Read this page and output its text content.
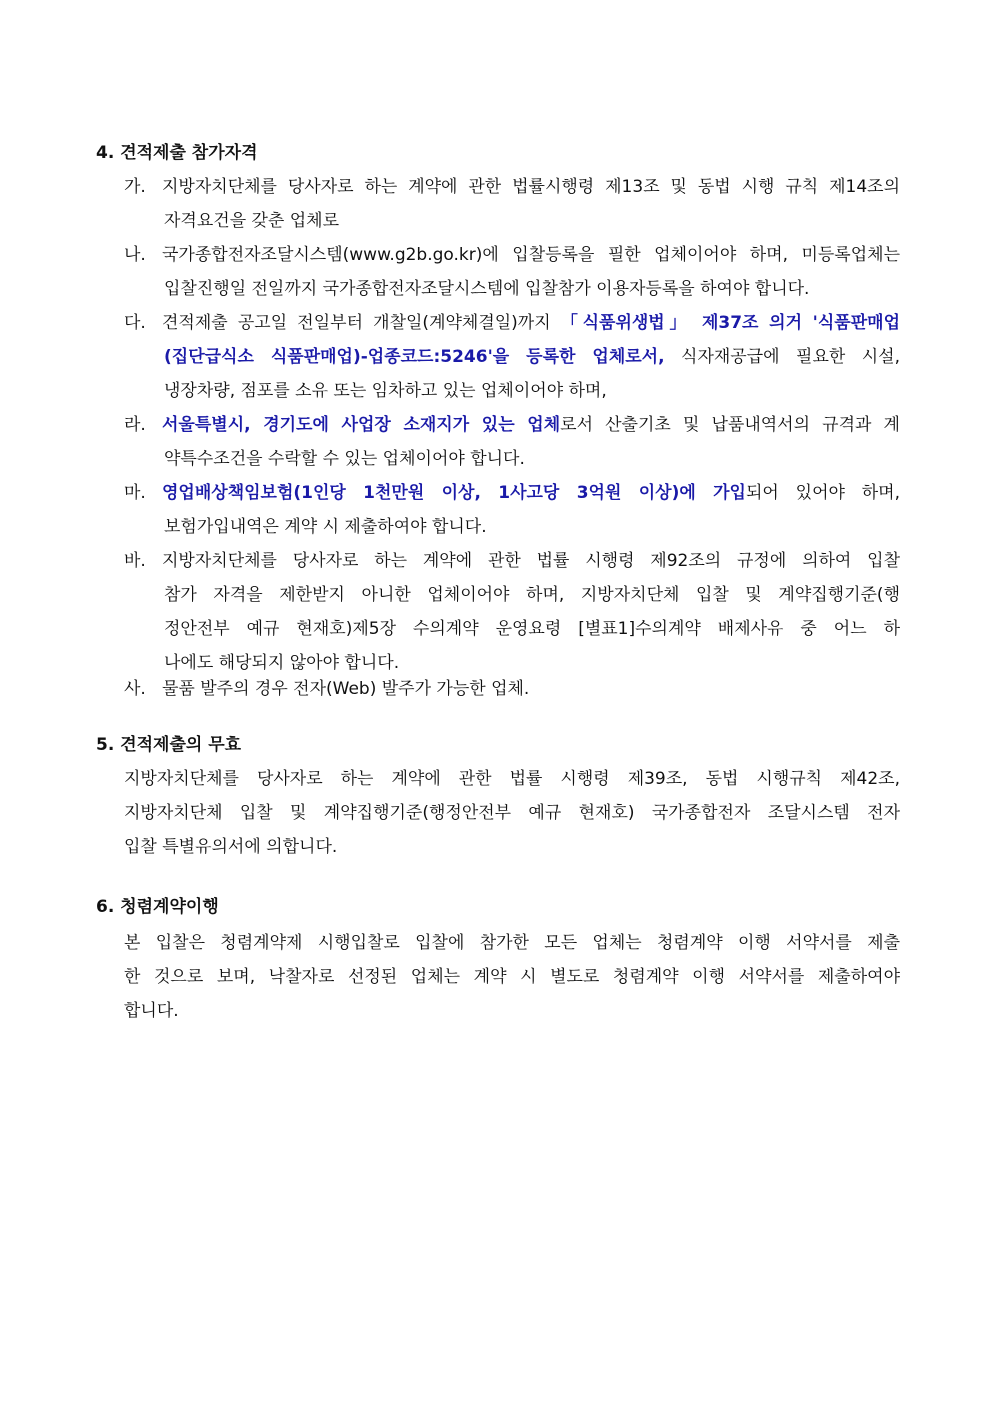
4. 견적제출 참가자격
가. 지방자치단체를 당사자로 하는 계약에 관한 법률시행령 제13조 및 동법 시행 규칙 제14조의
자격요건을 갖춘 업체로
나. 국가종합전자조달시스템(www.g2b.go.kr)에 입찰등록을 필한 업체이어야 하며, 미등록업체는
입찰진행일 전일까지 국가종합전자조달시스템에 입찰참가 이용자등록을 하여야 합니다.
다. 견적제출 공고일 전일부터 개찰일(계약체결일)까지 「식품위생법」 제37조 의거 '식품판매업
(집단급식소 식품판매업)-업종코드:5246'을 등록한 업체로서, 식자재공급에 필요한 시설,
냉장차량, 점포를 소유 또는 임차하고 있는 업체이어야 하며,
라. 서울특별시, 경기도에 사업장 소재지가 있는 업체로서 산출기초 및 납품내역서의 규격과 계
약특수조건을 수락할 수 있는 업체이어야 합니다.
마. 영업배상책임보험(1인당 1천만원 이상, 1사고당 3억원 이상)에 가입되어 있어야 하며,
보험가입내역은 계약 시 제출하여야 합니다.
바. 지방자치단체를 당사자로 하는 계약에 관한 법률 시행령 제92조의 규정에 의하여 입찰
참가 자격을 제한받지 아니한 업체이어야 하며, 지방자치단체 입찰 및 계약집행기준(행
정안전부 예규 현재호)제5장 수의계약 운영요령 [별표1]수의계약 배제사유 중 어느 하
나에도 해당되지 않아야 합니다.
사. 물품 발주의 경우 전자(Web) 발주가 가능한 업체.
5. 견적제출의 무효
지방자치단체를 당사자로 하는 계약에 관한 법률 시행령 제39조, 동법 시행규칙 제42조,
지방자치단체 입찰 및 계약집행기준(행정안전부 예규 현재호) 국가종합전자 조달시스템 전자
입찰 특별유의서에 의합니다.
6. 청렴계약이행
본 입찰은 청렴계약제 시행입찰로 입찰에 참가한 모든 업체는 청렴계약 이행 서약서를 제출
한 것으로 보며, 낙찰자로 선정된 업체는 계약 시 별도로 청렴계약 이행 서약서를 제출하여야
합니다.
